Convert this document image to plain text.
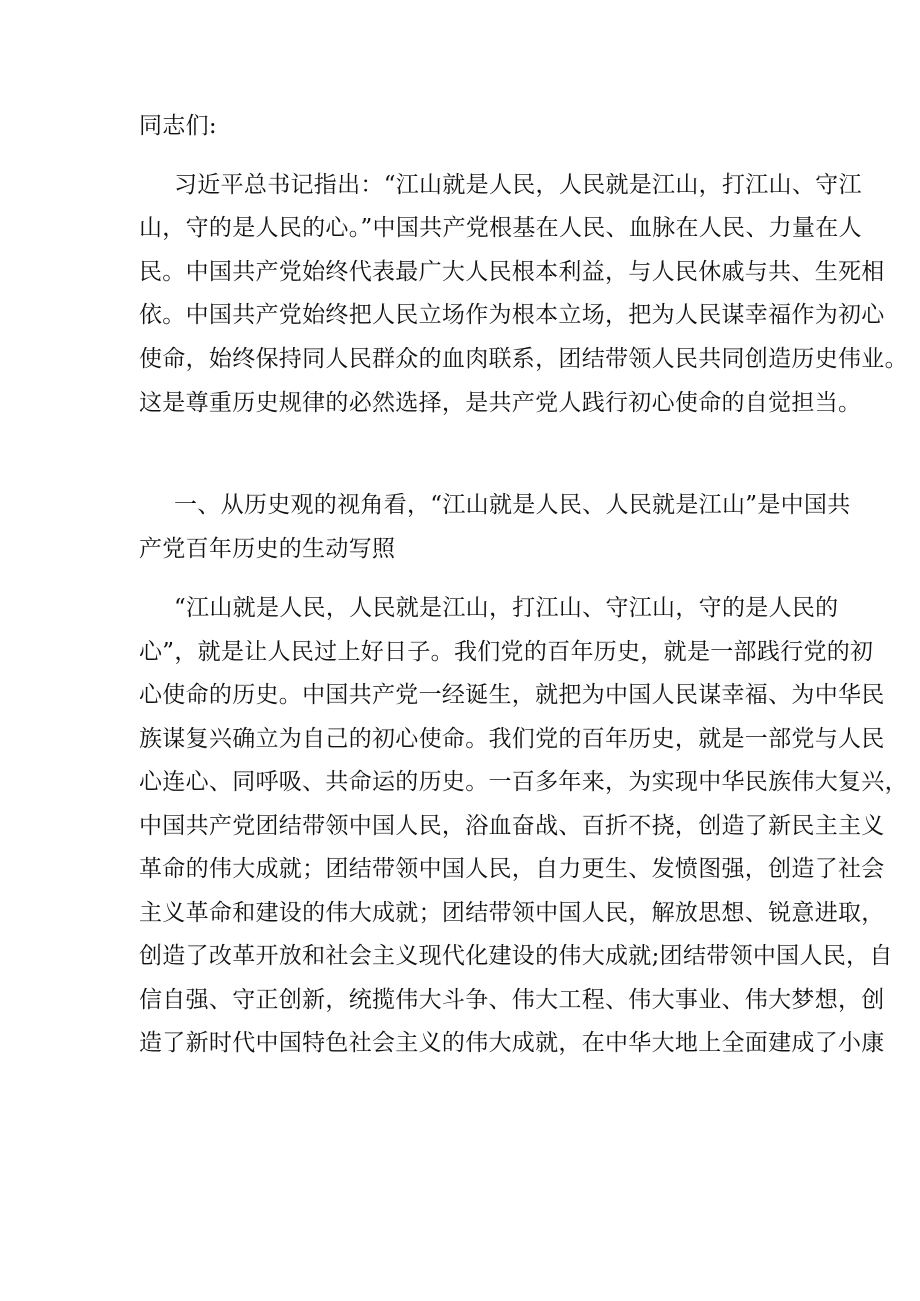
同志们:
习近平总书记指出：“江山就是人民，人民就是江山，打江山、守江
山，守的是人民的心。”中国共产党根基在人民、血脉在人民、力量在人
民。中国共产党始终代表最广大人民根本利益，与人民休戚与共、生死相
依。中国共产党始终把人民立场作为根本立场，把为人民谋幸福作为初心
使命，始终保持同人民群众的血肉联系，团结带领人民共同创造历史伟业。
这是尊重历史规律的必然选择，是共产党人践行初心使命的自觉担当。
一、从历史观的视角看，“江山就是人民、人民就是江山”是中国共
产党百年历史的生动写照
“江山就是人民，人民就是江山，打江山、守江山，守的是人民的
心”，就是让人民过上好日子。我们党的百年历史，就是一部践行党的初
心使命的历史。中国共产党一经诞生，就把为中国人民谋幸福、为中华民
族谋复兴确立为自己的初心使命。我们党的百年历史，就是一部党与人民
心连心、同呼吸、共命运的历史。一百多年来，为实现中华民族伟大复兴，
中国共产党团结带领中国人民，浴血奋战、百折不挠，创造了新民主主义
革命的伟大成就；团结带领中国人民，自力更生、发愤图强，创造了社会
主义革命和建设的伟大成就；团结带领中国人民，解放思想、锐意进取，
创造了改革开放和社会主义现代化建设的伟大成就;团结带领中国人民，自
信自强、守正创新，统揽伟大斗争、伟大工程、伟大事业、伟大梦想，创
造了新时代中国特色社会主义的伟大成就，在中华大地上全面建成了小康
